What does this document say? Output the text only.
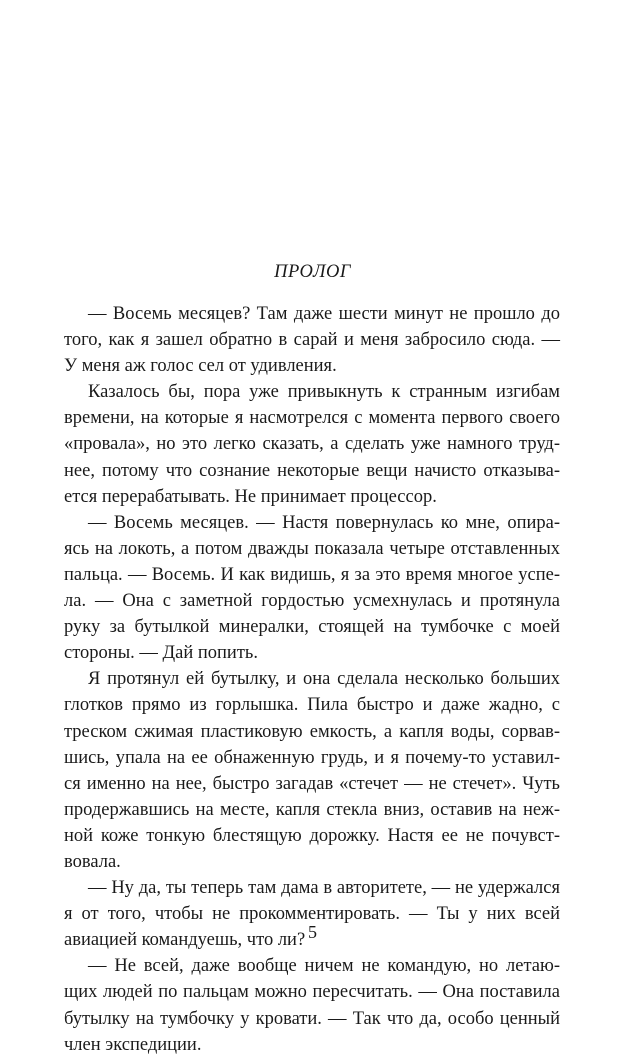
ПРОЛОГ
— Восемь месяцев? Там даже шести минут не прошло до
того, как я зашел обратно в сарай и меня забросило сюда. —
У меня аж голос сел от удивления.
Казалось бы, пора уже привыкнуть к странным изгибам
времени, на которые я насмотрелся с момента первого своего
«провала», но это легко сказать, а сделать уже намного труд-
нее, потому что сознание некоторые вещи начисто отказыва-
ется перерабатывать. Не принимает процессор.
— Восемь месяцев. — Настя повернулась ко мне, опира-
ясь на локоть, а потом дважды показала четыре отставленных
пальца. — Восемь. И как видишь, я за это время многое успе-
ла. — Она с заметной гордостью усмехнулась и протянула
руку за бутылкой минералки, стоящей на тумбочке с моей
стороны. — Дай попить.
Я протянул ей бутылку, и она сделала несколько больших
глотков прямо из горлышка. Пила быстро и даже жадно, с
треском сжимая пластиковую емкость, а капля воды, сорвав-
шись, упала на ее обнаженную грудь, и я почему-то уставил-
ся именно на нее, быстро загадав «стечет — не стечет». Чуть
продержавшись на месте, капля стекла вниз, оставив на неж-
ной коже тонкую блестящую дорожку. Настя ее не почувст-
вовала.
— Ну да, ты теперь там дама в авторитете, — не удержался
я от того, чтобы не прокомментировать. — Ты у них всей
авиацией командуешь, что ли?
— Не всей, даже вообще ничем не командую, но летаю-
щих людей по пальцам можно пересчитать. — Она поставила
бутылку на тумбочку у кровати. — Так что да, особо ценный
член экспедиции.
5
